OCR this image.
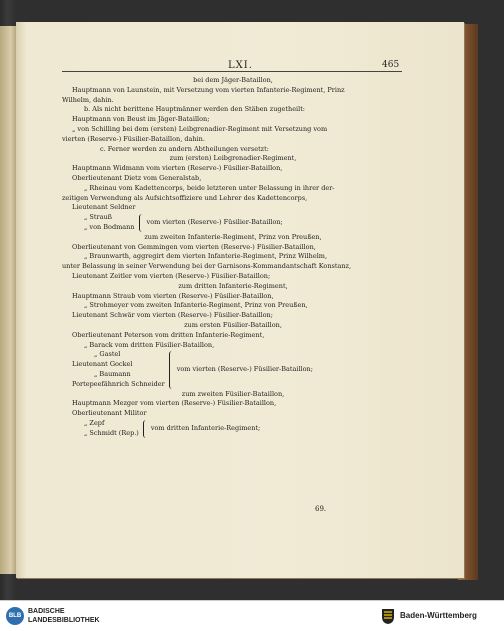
LXI.	465
bei dem Jäger-Bataillon,
Hauptmann von Launstein, mit Versetzung vom vierten Infanterie-Regiment, Prinz
Wilhelm, dahin.
b. Als nicht berittene Hauptmänner werden den Stäben zugetheilt:
Hauptmann von Beust im Jäger-Bataillon;
„ von Schilling bei dem (ersten) Leibgrenadier-Regiment mit Versetzung vom
vierten (Reserve-) Füsilier-Bataillon, dahin.
c. Ferner werden zu andern Abtheilungen versetzt:
zum (ersten) Leibgrenadier-Regiment,
Hauptmann Widmann vom vierten (Reserve-) Füsilier-Bataillon,
Oberlieutenant Dietz vom Generalstab,
„ Rheinau vom Kadettencorps, beide letzteren unter Belassung in ihrer der-
zeitigen Verwendung als Aufsichtsoffiziere und Lehrer des Kadettencorps,
Lieutenant Seldner
„ Strauß
„ von Bodmann
vom vierten (Reserve-) Füsilier-Bataillon;
zum zweiten Infanterie-Regiment, Prinz von Preußen,
Oberlieutenant von Gemmingen vom vierten (Reserve-) Füsilier-Bataillon,
„ Braunwarth, aggregirt dem vierten Infanterie-Regiment, Prinz Wilhelm,
unter Belassung in seiner Verwendung bei der Garnisons-Kommandantschaft Konstanz,
Lieutenant Zeitler vom vierten (Reserve-) Füsilier-Bataillon;
zum dritten Infanterie-Regiment,
Hauptmann Straub vom vierten (Reserve-) Füsilier-Bataillon,
„ Strohmeyer vom zweiten Infanterie-Regiment, Prinz von Preußen,
Lieutenant Schwär vom vierten (Reserve-) Füsilier-Bataillon;
zum ersten Füsilier-Bataillon,
Oberlieutenant Peterson vom dritten Infanterie-Regiment,
„ Barack vom dritten Füsilier-Bataillon,
„ Gastel
Lieutenant Gockel
„ Baumann
Portepeefähnrich Schneider
vom vierten (Reserve-) Füsilier-Bataillon;
zum zweiten Füsilier-Bataillon,
Hauptmann Mezger vom vierten (Reserve-) Füsilier-Bataillon,
Oberlieutenant Militor
„ Zepf
„ Schmidt (Rep.)
vom dritten Infanterie-Regiment;
69.
BLB
BADISCHE
LANDESBIBLIOTHEK
Baden-Württemberg
